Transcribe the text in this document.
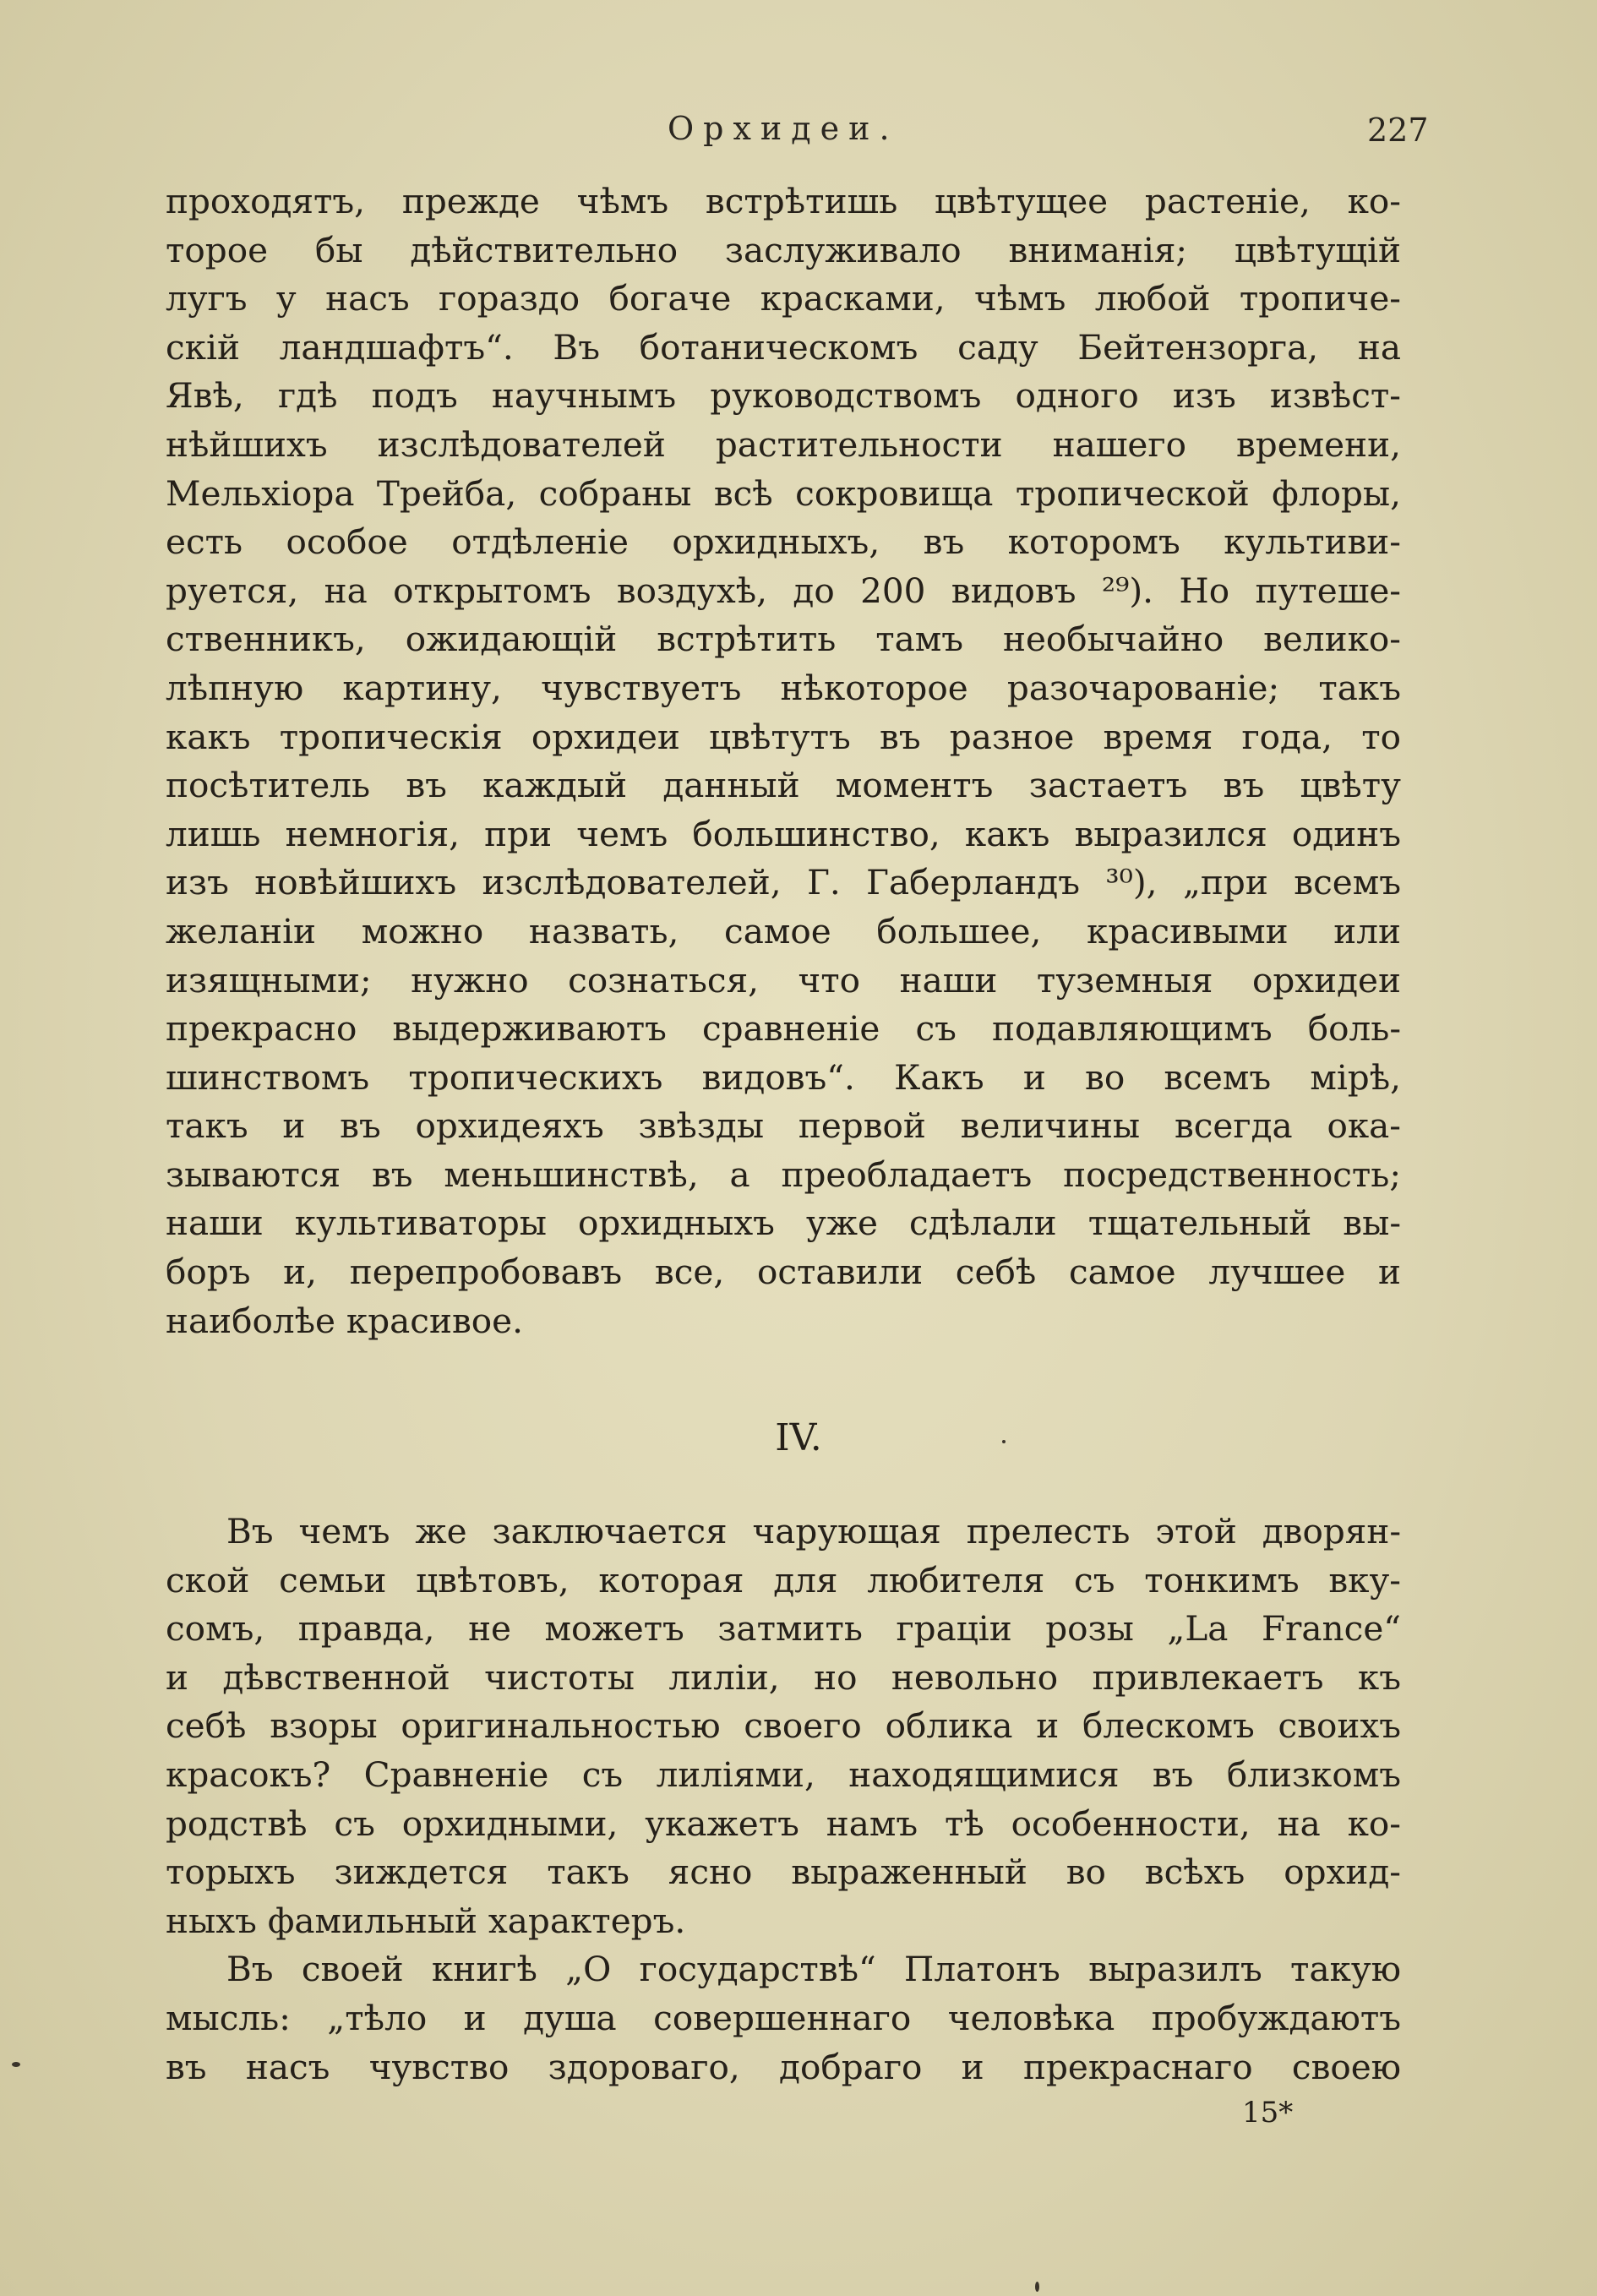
Орхидеи.	227
проходятъ, прежде чѣмъ встрѣтишь цвѣтущее растеніе, ко-
торое бы дѣйствительно заслуживало вниманія; цвѣтущій
лугъ у насъ гораздо богаче красками, чѣмъ любой тропиче-
скій ландшафтъ“. Въ ботаническомъ саду Бейтензорга, на
Явѣ, гдѣ подъ научнымъ руководствомъ одного изъ извѣст-
нѣйшихъ изслѣдователей растительности нашего времени,
Мельхіора Трейба, собраны всѣ сокровища тропической флоры,
есть особое отдѣленіе орхидныхъ, въ которомъ культиви-
руется, на открытомъ воздухѣ, до 200 видовъ ²⁹). Но путеше-
ственникъ, ожидающій встрѣтить тамъ необычайно велико-
лѣпную картину, чувствуетъ нѣкоторое разочарованіе; такъ
какъ тропическія орхидеи цвѣтутъ въ разное время года, то
посѣтитель въ каждый данный моментъ застаетъ въ цвѣту
лишь немногія, при чемъ большинство, какъ выразился одинъ
изъ новѣйшихъ изслѣдователей, Г. Габерландъ ³⁰), „при всемъ
желаніи можно назвать, самое большее, красивыми или
изящными; нужно сознаться, что наши туземныя орхидеи
прекрасно выдерживаютъ сравненіе съ подавляющимъ боль-
шинствомъ тропическихъ видовъ“. Какъ и во всемъ мірѣ,
такъ и въ орхидеяхъ звѣзды первой величины всегда ока-
зываются въ меньшинствѣ, а преобладаетъ посредственность;
наши культиваторы орхидныхъ уже сдѣлали тщательный вы-
боръ и, перепробовавъ все, оставили себѣ самое лучшее и
наиболѣе красивое.
IV.
Въ чемъ же заключается чарующая прелесть этой дворян-
ской семьи цвѣтовъ, которая для любителя съ тонкимъ вку-
сомъ, правда, не можетъ затмить граціи розы „La France“
и дѣвственной чистоты лиліи, но невольно привлекаетъ къ
себѣ взоры оригинальностью своего облика и блескомъ своихъ
красокъ? Сравненіе съ лиліями, находящимися въ близкомъ
родствѣ съ орхидными, укажетъ намъ тѣ особенности, на ко-
торыхъ зиждется такъ ясно выраженный во всѣхъ орхид-
ныхъ фамильный характеръ.
Въ своей книгѣ „О государствѣ“ Платонъ выразилъ такую
мысль: „тѣло и душа совершеннаго человѣка пробуждаютъ
въ насъ чувство здороваго, добраго и прекраснаго своею
15*
